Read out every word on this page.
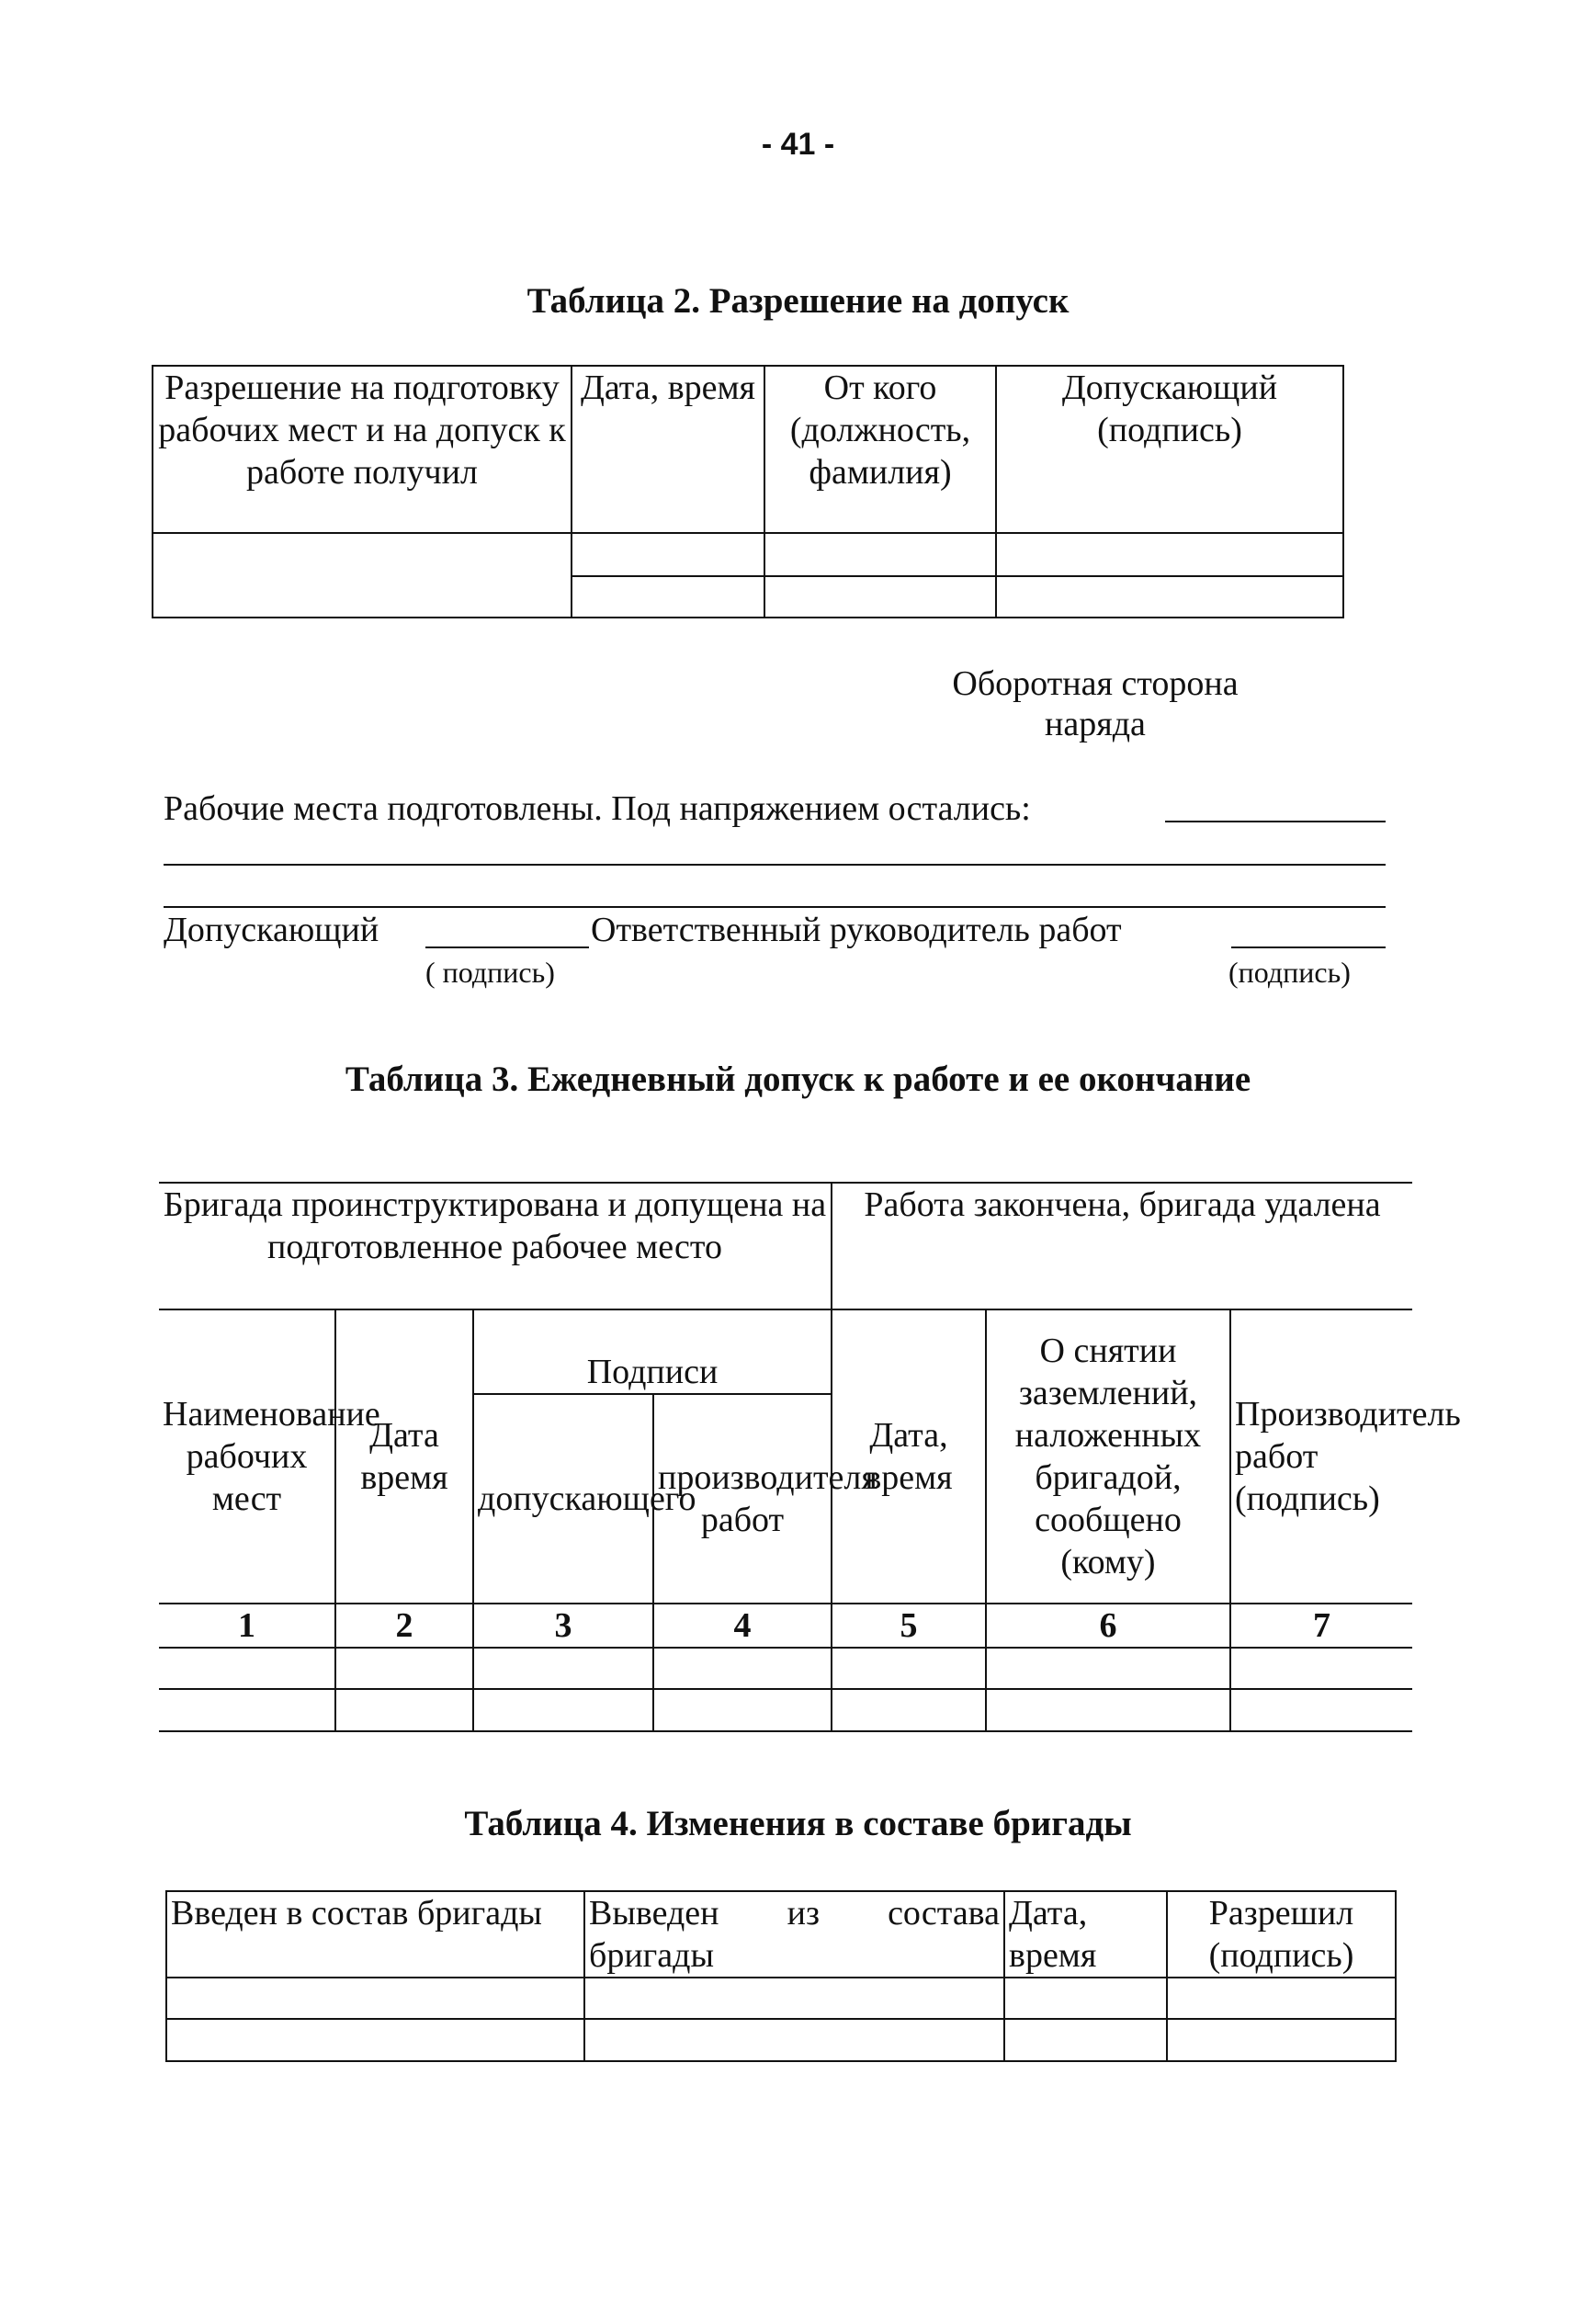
- 41 -
Таблица 2. Разрешение на допуск
Разрешение на подготовку рабочих мест и на допуск к работе получил	Дата, время	От кого (должность, фамилия)	Допускающий (подпись)

Оборотная сторона
наряда
Рабочие места подготовлены. Под напряжением остались:
Допускающий	Ответственный руководитель работ
( подпись)	(подпись)
Таблица 3. Ежедневный допуск к работе и ее окончание
Бригада проинструктирована и допущена на подготовленное рабочее место				Работа закончена, бригада удалена		
Наименование рабочих мест	Дата время	Подписи		Дата, время	О снятии заземлений, наложенных бригадой, сообщено (кому)	Производитель работ (подпись)
		допускающего	производителя работ			
1	2	3	4	5	6	7

Таблица 4. Изменения в составе бригады
Введен в состав бригады	Выведен из состава бригады	Дата, время	Разрешил (подпись)
